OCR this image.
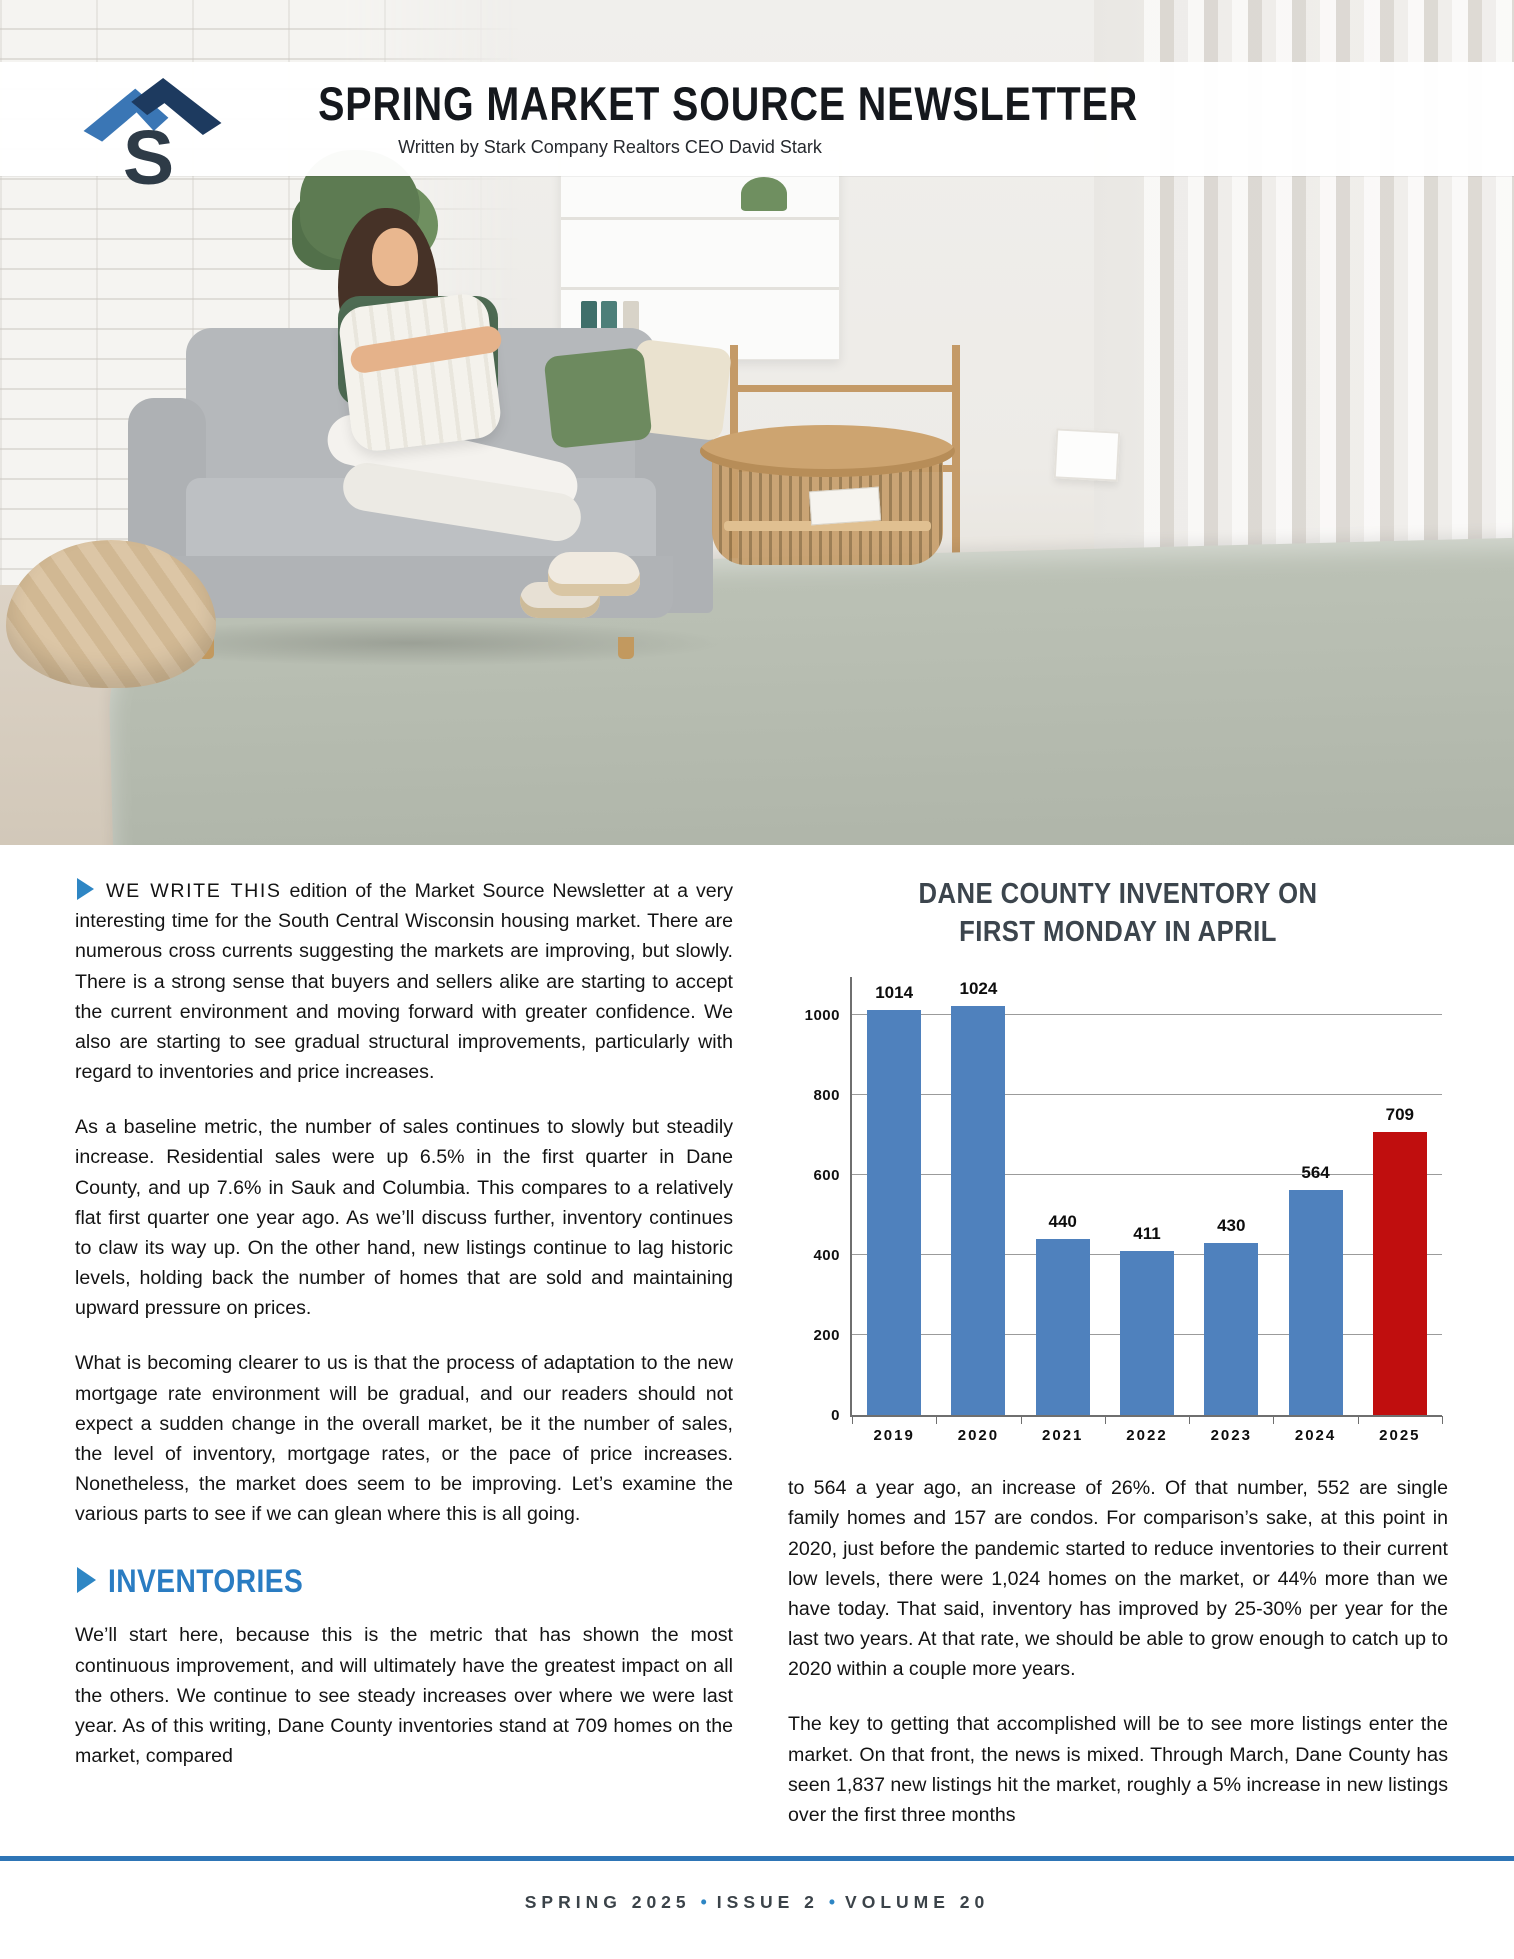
S
SPRING MARKET SOURCE NEWSLETTER
Written by Stark Company Realtors CEO David Stark

WE WRITE THIS edition of the Market Source Newsletter at a very interesting time for the South Central Wisconsin housing market. There are numerous cross currents suggesting the markets are improving, but slowly. There is a strong sense that buyers and sellers alike are starting to accept the current environment and moving forward with greater confidence. We also are starting to see gradual structural improvements, particularly with regard to inventories and price increases.

As a baseline metric, the number of sales continues to slowly but steadily increase. Residential sales were up 6.5% in the first quarter in Dane County, and up 7.6% in Sauk and Columbia. This compares to a relatively flat first quarter one year ago. As we’ll discuss further, inventory continues to claw its way up. On the other hand, new listings continue to lag historic levels, holding back the number of homes that are sold and maintaining upward pressure on prices.

What is becoming clearer to us is that the process of adaptation to the new mortgage rate environment will be gradual, and our readers should not expect a sudden change in the overall market, be it the number of sales, the level of inventory, mortgage rates, or the pace of price increases. Nonetheless, the market does seem to be improving. Let’s examine the various parts to see if we can glean where this is all going.

INVENTORIES

We’ll start here, because this is the metric that has shown the most continuous improvement, and will ultimately have the greatest impact on all the others. We continue to see steady increases over where we were last year. As of this writing, Dane County inventories stand at 709 homes on the market, compared

DANE COUNTY INVENTORY ON
FIRST MONDAY IN APRIL
0
200
400
600
800
1000
1014
2019
1024
2020
440
2021
411
2022
430
2023
564
2024
709
2025

to 564 a year ago, an increase of 26%. Of that number, 552 are single family homes and 157 are condos. For comparison’s sake, at this point in 2020, just before the pandemic started to reduce inventories to their current low levels, there were 1,024 homes on the market, or 44% more than we have today. That said, inventory has improved by 25-30% per year for the last two years. At that rate, we should be able to grow enough to catch up to 2020 within a couple more years.

The key to getting that accomplished will be to see more listings enter the market. On that front, the news is mixed. Through March, Dane County has seen 1,837 new listings hit the market, roughly a 5% increase in new listings over the first three months

SPRING 2025 • ISSUE 2 • VOLUME 20
